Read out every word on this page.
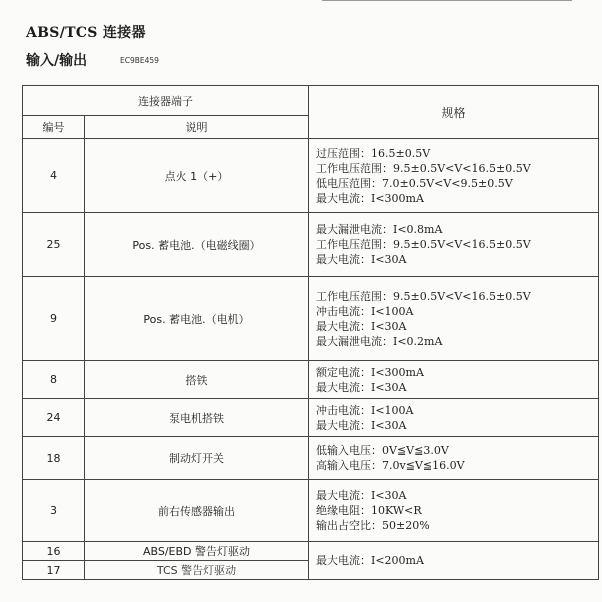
ABS/TCS 连接器
输入/输出	EC9BE459
连接器端子		规格
编号	说明	
4	点火 1（+）	过压范围：16.5±0.5V
工作电压范围：9.5±0.5V<V<16.5±0.5V
低电压范围：7.0±0.5V<V<9.5±0.5V
最大电流：I<300mA

25	Pos. 蓄电池.（电磁线圈）	最大漏泄电流：I<0.8mA
工作电压范围：9.5±0.5V<V<16.5±0.5V
最大电流：I<30A

9	Pos. 蓄电池.（电机）	工作电压范围：9.5±0.5V<V<16.5±0.5V
冲击电流：I<100A
最大电流：I<30A
最大漏泄电流：I<0.2mA

8	搭铁	额定电流：I<300mA
最大电流：I<30A

24	泵电机搭铁	冲击电流：I<100A
最大电流：I<30A

18	制动灯开关	低输入电压：0V≦V≦3.0V
高输入电压：7.0v≦V≦16.0V

3	前右传感器输出	最大电流：I<30A
绝缘电阻：10KW<R
输出占空比：50±20%

16	ABS/EBD 警告灯驱动	最大电流：I<200mA

17	TCS 警告灯驱动	
